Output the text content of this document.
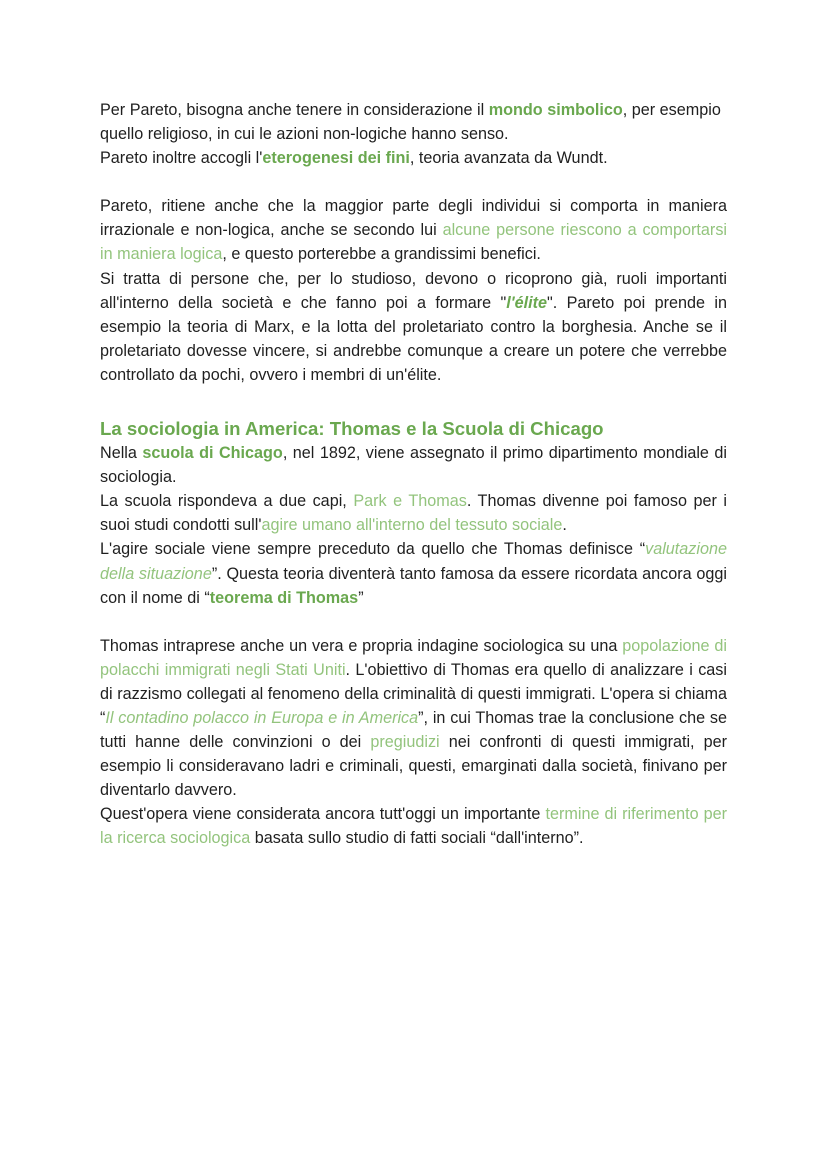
Per Pareto, bisogna anche tenere in considerazione il mondo simbolico, per esempio quello religioso, in cui le azioni non-logiche hanno senso.

Pareto inoltre accogli l'eterogenesi dei fini, teoria avanzata da Wundt.

Pareto, ritiene anche che la maggior parte degli individui si comporta in maniera irrazionale e non-logica, anche se secondo lui alcune persone riescono a comportarsi in maniera logica, e questo porterebbe a grandissimi benefici.

Si tratta di persone che, per lo studioso, devono o ricoprono già, ruoli importanti all'interno della società e che fanno poi a formare "l'élite". Pareto poi prende in esempio la teoria di Marx, e la lotta del proletariato contro la borghesia. Anche se il proletariato dovesse vincere, si andrebbe comunque a creare un potere che verrebbe controllato da pochi, ovvero i membri di un'élite.

La sociologia in America: Thomas e la Scuola di Chicago

Nella scuola di Chicago, nel 1892, viene assegnato il primo dipartimento mondiale di sociologia.

La scuola rispondeva a due capi, Park e Thomas. Thomas divenne poi famoso per i suoi studi condotti sull'agire umano all'interno del tessuto sociale.

L'agire sociale viene sempre preceduto da quello che Thomas definisce “valutazione della situazione”. Questa teoria diventerà tanto famosa da essere ricordata ancora oggi con il nome di “teorema di Thomas”

Thomas intraprese anche un vera e propria indagine sociologica su una popolazione di polacchi immigrati negli Stati Uniti. L'obiettivo di Thomas era quello di analizzare i casi di razzismo collegati al fenomeno della criminalità di questi immigrati. L'opera si chiama “Il contadino polacco in Europa e in America”, in cui Thomas trae la conclusione che se tutti hanne delle convinzioni o dei pregiudizi nei confronti di questi immigrati, per esempio li consideravano ladri e criminali, questi, emarginati dalla società, finivano per diventarlo davvero.

Quest'opera viene considerata ancora tutt'oggi un importante termine di riferimento per la ricerca sociologica basata sullo studio di fatti sociali “dall'interno”.
